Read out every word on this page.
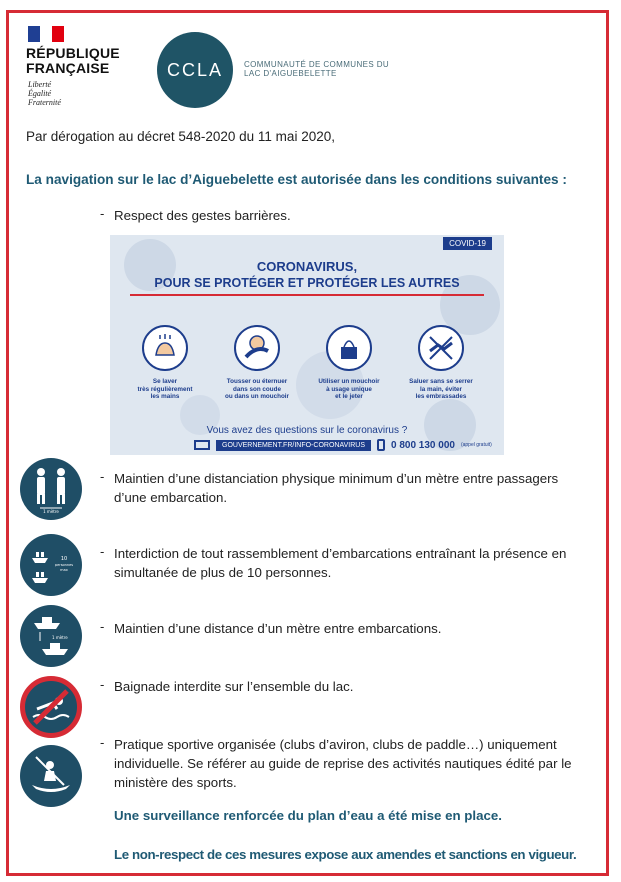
RÉPUBLIQUE
FRANÇAISE
Liberté
Égalité
Fraternité
CCLA	COMMUNAUTÉ DE COMMUNES DU
LAC D'AIGUEBELETTE
Par dérogation au décret 548-2020 du 11 mai 2020,
La navigation sur le lac d’Aiguebelette est autorisée dans les conditions suivantes :
- Respect des gestes barrières.
COVID-19
CORONAVIRUS,
POUR SE PROTÉGER ET PROTÉGER LES AUTRES
Se laver
très régulièrement
les mains
Tousser ou éternuer
dans son coude
ou dans un mouchoir
Utiliser un mouchoir
à usage unique
et le jeter
Saluer sans se serrer
la main, éviter
les embrassades
Vous avez des questions sur le coronavirus ?
GOUVERNEMENT.FR/INFO-CORONAVIRUS	0 800 130 000 (appel gratuit)
1 mètre
- Maintien d’une distanciation physique minimum d’un mètre entre passagers d’une embarcation.
10
personnes
max
- Interdiction de tout rassemblement d’embarcations entraînant la présence en simultanée de plus de 10 personnes.
1 mètre
- Maintien d’une distance d’un mètre entre embarcations.
- Baignade interdite sur l’ensemble du lac.
- Pratique sportive organisée (clubs d’aviron, clubs de paddle…) uniquement individuelle. Se référer au guide de reprise des activités nautiques édité par le ministère des sports.
Une surveillance renforcée du plan d’eau a été mise en place.
Le non-respect de ces mesures expose aux amendes et sanctions en vigueur.
